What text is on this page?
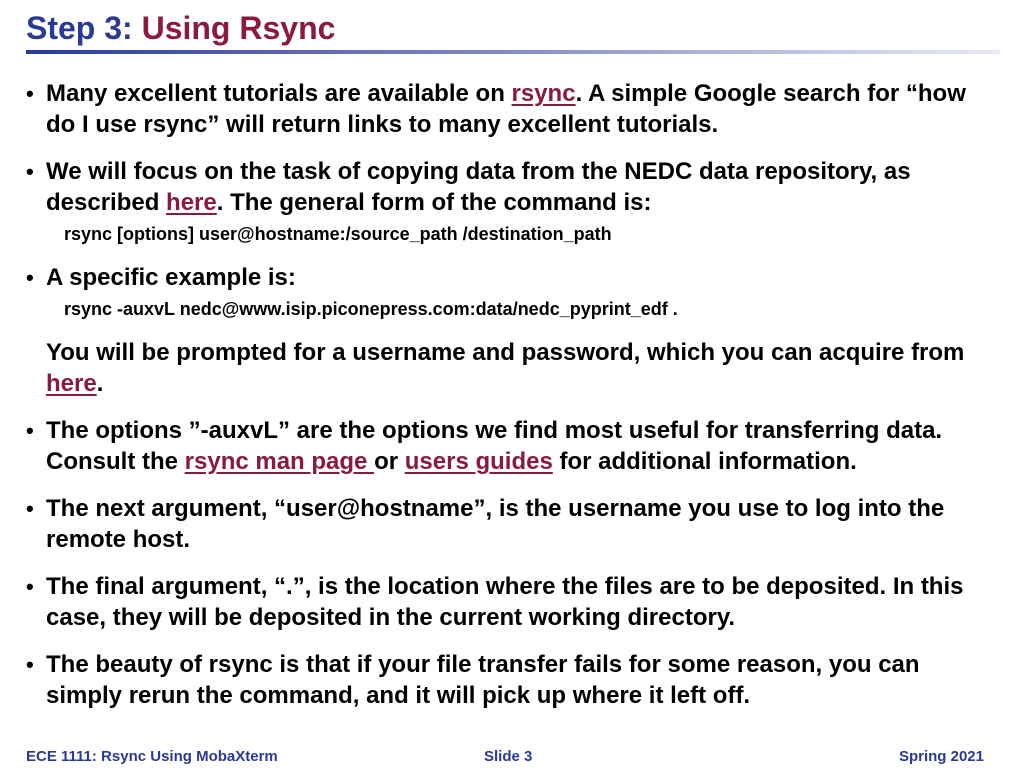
Step 3: Using Rsync
• Many excellent tutorials are available on rsync. A simple Google search for “how do I use rsync” will return links to many excellent tutorials.
• We will focus on the task of copying data from the NEDC data repository, as described here. The general form of the command is:
rsync [options] user@hostname:/source_path /destination_path
• A specific example is:
rsync -auxvL nedc@www.isip.piconepress.com:data/nedc_pyprint_edf .
You will be prompted for a username and password, which you can acquire from here.
• The options ”-auxvL” are the options we find most useful for transferring data. Consult the rsync man page or users guides for additional information.
• The next argument, “user@hostname”, is the username you use to log into the remote host.
• The final argument, “.”, is the location where the files are to be deposited. In this case, they will be deposited in the current working directory.
• The beauty of rsync is that if your file transfer fails for some reason, you can simply rerun the command, and it will pick up where it left off.
ECE 1111: Rsync Using MobaXterm	Slide 3	Spring 2021
